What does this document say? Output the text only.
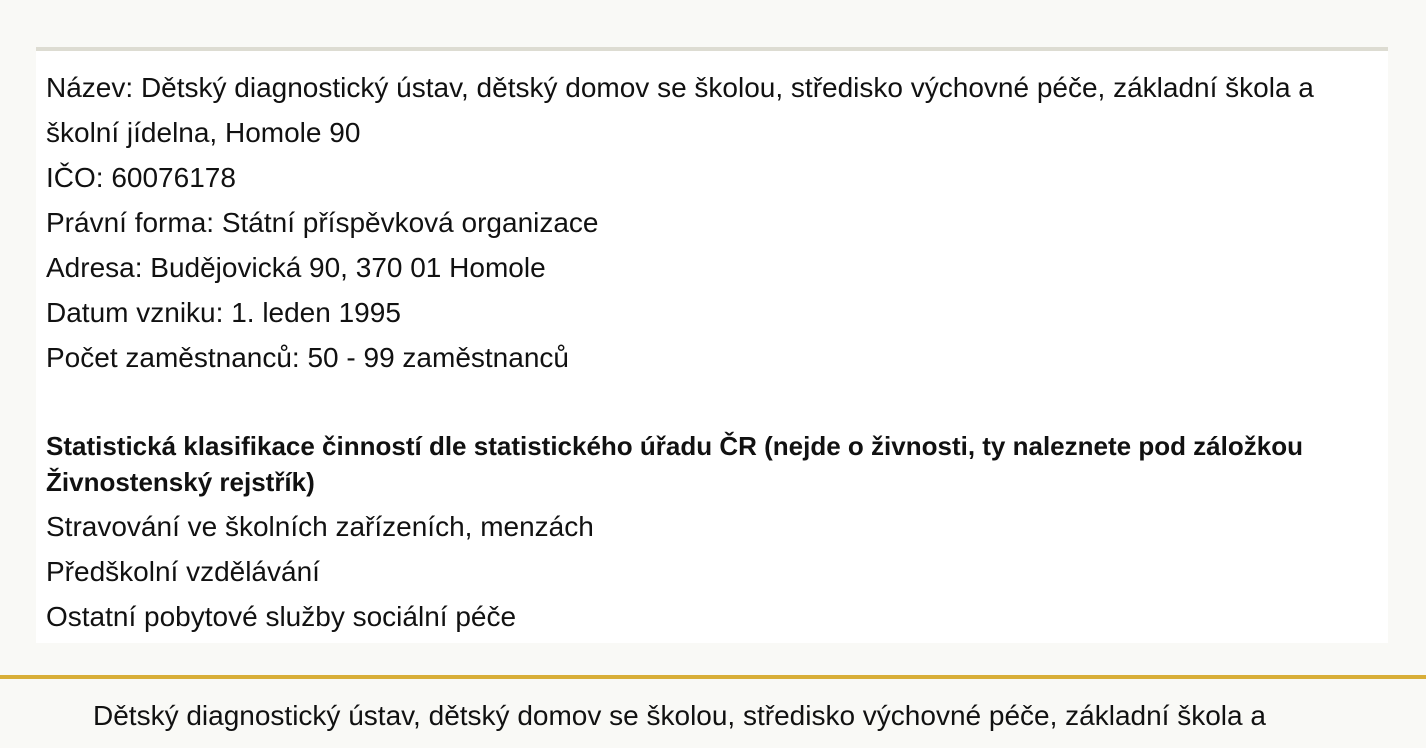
Název: Dětský diagnostický ústav, dětský domov se školou, středisko výchovné péče, základní škola a školní jídelna, Homole 90

IČO: 60076178

Právní forma: Státní příspěvková organizace

Adresa: Budějovická 90, 370 01 Homole

Datum vzniku: 1. leden 1995

Počet zaměstnanců: 50 - 99 zaměstnanců

Statistická klasifikace činností dle statistického úřadu ČR (nejde o živnosti, ty naleznete pod záložkou Živnostenský rejstřík)

Stravování ve školních zařízeních, menzách

Předškolní vzdělávání

Ostatní pobytové služby sociální péče

Dětský diagnostický ústav, dětský domov se školou, středisko výchovné péče, základní škola a
